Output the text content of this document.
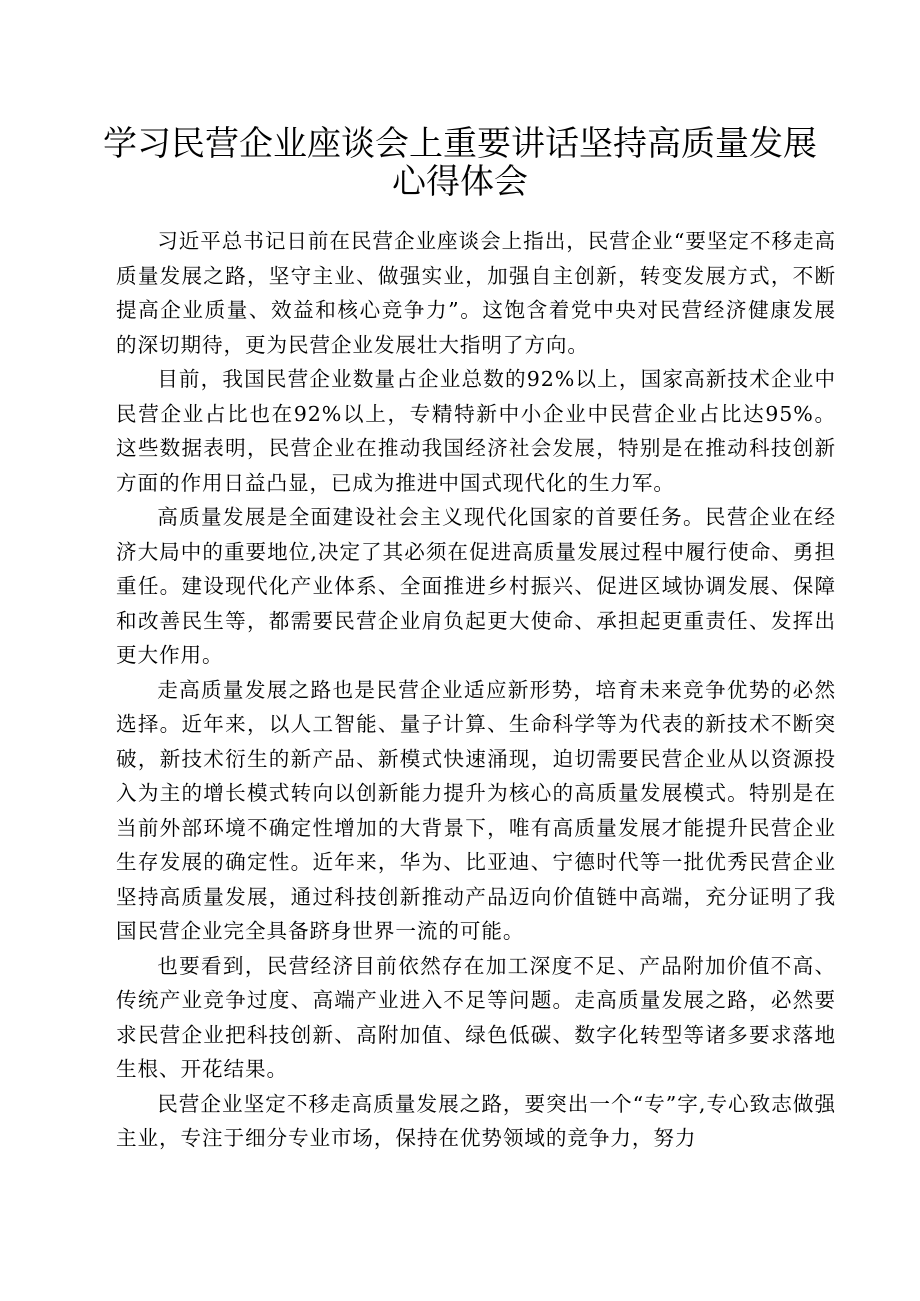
学习民营企业座谈会上重要讲话坚持高质量发展
心得体会

习近平总书记日前在民营企业座谈会上指出，民营企业“要坚定不移走高质量发展之路，坚守主业、做强实业，加强自主创新，转变发展方式，不断提高企业质量、效益和核心竞争力”。这饱含着党中央对民营经济健康发展的深切期待，更为民营企业发展壮大指明了方向。

目前，我国民营企业数量占企业总数的92%以上，国家高新技术企业中民营企业占比也在92%以上，专精特新中小企业中民营企业占比达95%。这些数据表明，民营企业在推动我国经济社会发展，特别是在推动科技创新方面的作用日益凸显，已成为推进中国式现代化的生力军。

高质量发展是全面建设社会主义现代化国家的首要任务。民营企业在经济大局中的重要地位,决定了其必须在促进高质量发展过程中履行使命、勇担重任。建设现代化产业体系、全面推进乡村振兴、促进区域协调发展、保障和改善民生等，都需要民营企业肩负起更大使命、承担起更重责任、发挥出更大作用。

走高质量发展之路也是民营企业适应新形势，培育未来竞争优势的必然选择。近年来，以人工智能、量子计算、生命科学等为代表的新技术不断突破，新技术衍生的新产品、新模式快速涌现，迫切需要民营企业从以资源投入为主的增长模式转向以创新能力提升为核心的高质量发展模式。特别是在当前外部环境不确定性增加的大背景下，唯有高质量发展才能提升民营企业生存发展的确定性。近年来，华为、比亚迪、宁德时代等一批优秀民营企业坚持高质量发展，通过科技创新推动产品迈向价值链中高端，充分证明了我国民营企业完全具备跻身世界一流的可能。

也要看到，民营经济目前依然存在加工深度不足、产品附加价值不高、传统产业竞争过度、高端产业进入不足等问题。走高质量发展之路，必然要求民营企业把科技创新、高附加值、绿色低碳、数字化转型等诸多要求落地生根、开花结果。

民营企业坚定不移走高质量发展之路，要突出一个“专”字,专心致志做强主业，专注于细分专业市场，保持在优势领域的竞争力，努力
